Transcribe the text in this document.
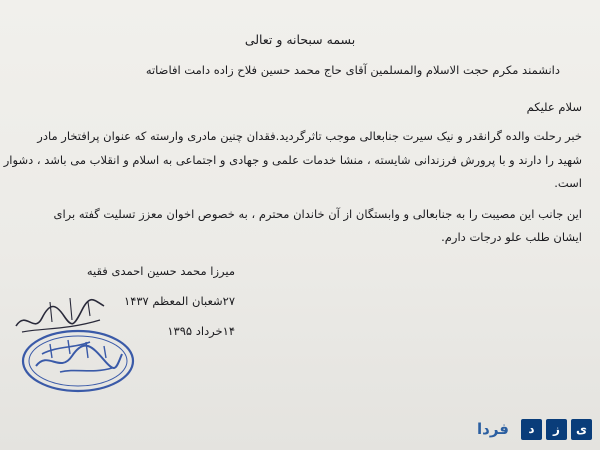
بسمه سبحانه و تعالی
دانشمند مکرم حجت الاسلام والمسلمین آقای حاج محمد حسین فلاح زاده دامت افاضاته
سلام علیکم
خبر رحلت والده گرانقدر و نیک سیرت جنابعالی موجب تاثرگردید.فقدان چنین مادری وارسته که عنوان پرافتخار مادر
شهید را دارند و با پرورش فرزندانی شایسته ، منشا خدمات علمی و جهادی و اجتماعی به اسلام و انقلاب می باشد ، دشوار
است.
این جانب این مصیبت را به جنابعالی و وابستگان از آن خاندان محترم ، به خصوص اخوان معزز تسلیت گفته برای
ایشان طلب علو درجات دارم.
میرزا محمد حسین احمدی فقیه
۲۷شعبان المعظم ۱۴۳۷
۱۴خرداد ۱۳۹۵
ی
ز
د
فردا
